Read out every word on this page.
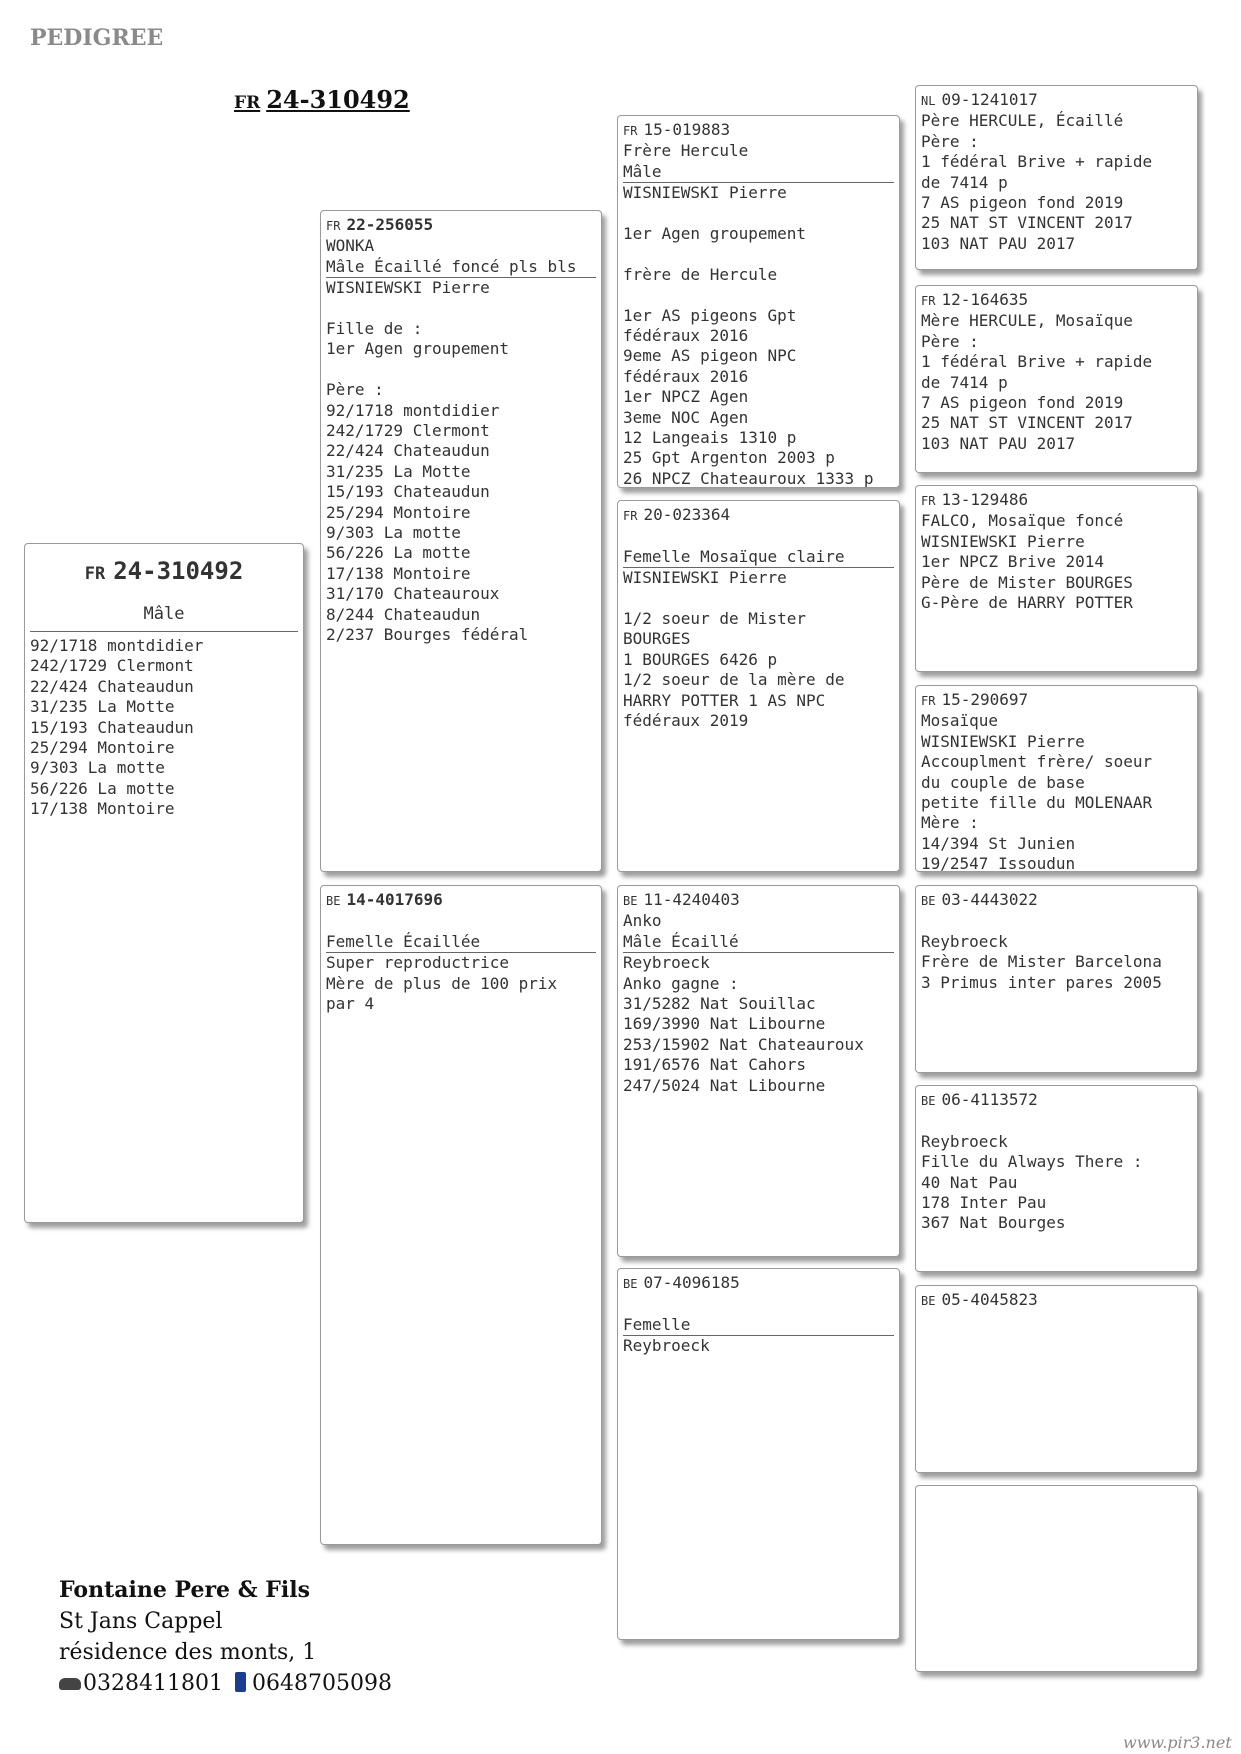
PEDIGREE
FR 24-310492
FR 24-310492
Mâle
92/1718 montdidier
242/1729 Clermont
22/424 Chateaudun
31/235 La Motte
15/193 Chateaudun
25/294 Montoire
9/303 La motte
56/226 La motte
17/138 Montoire
FR 22-256055
WONKA
Mâle Écaillé foncé pls bls
WISNIEWSKI Pierre
Fille de :
1er Agen groupement
Père :
92/1718 montdidier
242/1729 Clermont
22/424 Chateaudun
31/235 La Motte
15/193 Chateaudun
25/294 Montoire
9/303 La motte
56/226 La motte
17/138 Montoire
31/170 Chateauroux
8/244 Chateaudun
2/237 Bourges fédéral
BE 14-4017696
Femelle Écaillée
Super reproductrice
Mère de plus de 100 prix
par 4
FR 15-019883
Frère Hercule
Mâle
WISNIEWSKI Pierre
1er Agen groupement
frère de Hercule
1er AS pigeons Gpt
fédéraux 2016
9eme AS pigeon NPC
fédéraux 2016
1er NPCZ Agen
3eme NOC Agen
12 Langeais 1310 p
25 Gpt Argenton 2003 p
26 NPCZ Chateauroux 1333 p
FR 20-023364
Femelle Mosaïque claire
WISNIEWSKI Pierre
1/2 soeur de Mister
BOURGES
1 BOURGES 6426 p
1/2 soeur de la mère de
HARRY POTTER 1 AS NPC
fédéraux 2019
BE 11-4240403
Anko
Mâle Écaillé
Reybroeck
Anko gagne :
31/5282 Nat Souillac
169/3990 Nat Libourne
253/15902 Nat Chateauroux
191/6576 Nat Cahors
247/5024 Nat Libourne
BE 07-4096185
Femelle
Reybroeck
NL 09-1241017
Père HERCULE, Écaillé
Père :
1 fédéral Brive + rapide
de 7414 p
7 AS pigeon fond 2019
25 NAT ST VINCENT 2017
103 NAT PAU 2017
FR 12-164635
Mère HERCULE, Mosaïque
Père :
1 fédéral Brive + rapide
de 7414 p
7 AS pigeon fond 2019
25 NAT ST VINCENT 2017
103 NAT PAU 2017
FR 13-129486
FALCO, Mosaïque foncé
WISNIEWSKI Pierre
1er NPCZ Brive 2014
Père de Mister BOURGES
G-Père de HARRY POTTER
FR 15-290697
Mosaïque
WISNIEWSKI Pierre
Accouplment frère/ soeur
du couple de base
petite fille du MOLENAAR
Mère :
14/394 St Junien
19/2547 Issoudun
BE 03-4443022
Reybroeck
Frère de Mister Barcelona
3 Primus inter pares 2005
BE 06-4113572
Reybroeck
Fille du Always There :
40 Nat Pau
178 Inter Pau
367 Nat Bourges
BE 05-4045823
Fontaine Pere & Fils
St Jans Cappel
résidence des monts, 1
0328411801 0648705098
www.pir3.net
